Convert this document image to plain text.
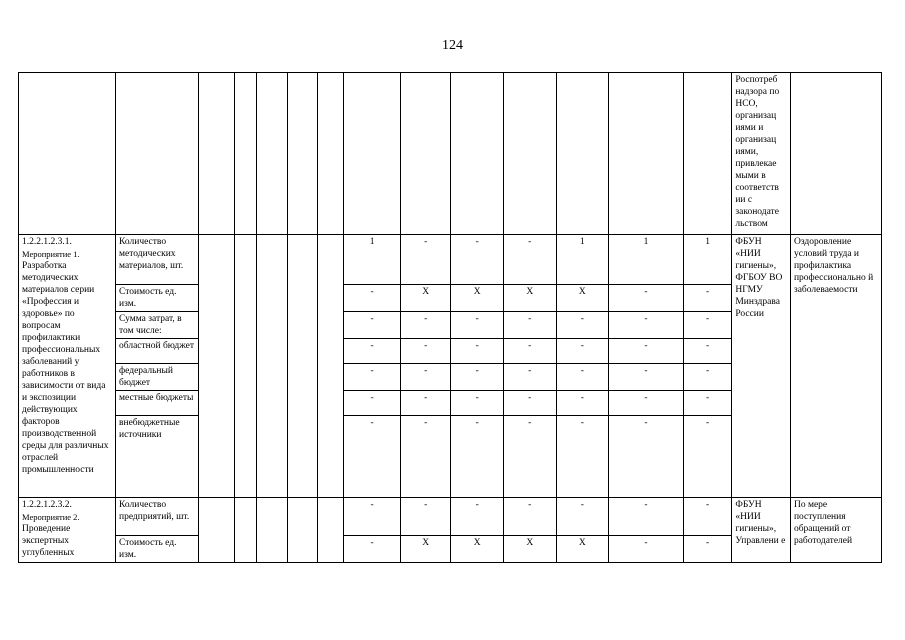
124
														Роспотреб надзора по НСО, организац иями и организац иями, привлекае мыми в соответств ии с законодате льством	

1.2.2.1.2.3.1.
Мероприятие 1.
Разработка методических материалов серии «Профессия и здоровье» по вопросам профилактики профессиональных заболеваний у работников в зависимости от вида и экспозиции действующих факторов производственной среды для различных отраслей промышленности	Количество методических материалов, шт.						1	-	-	-	1	1	1	ФБУН «НИИ гигиены», ФГБОУ ВО НГМУ Минздрава России	Оздоровление условий труда и профилактика профессионально й заболеваемости
	Стоимость ед. изм.						-	X	X	X	X	-	-		
	Сумма затрат, в том числе:						-	-	-	-	-	-	-		
	областной бюджет						-	-	-	-	-	-	-		
	федеральный бюджет						-	-	-	-	-	-	-		
	местные бюджеты						-	-	-	-	-	-	-		
	внебюджетные источники						-	-	-	-	-	-	-		

1.2.2.1.2.3.2.
Мероприятие 2.
Проведение экспертных углубленных	Количество предприятий, шт.						-	-	-	-	-	-	-	ФБУН «НИИ гигиены», Управлени е	По мере поступления обращений от работодателей
	Стоимость ед. изм.						-	X	X	X	X	-	-		
